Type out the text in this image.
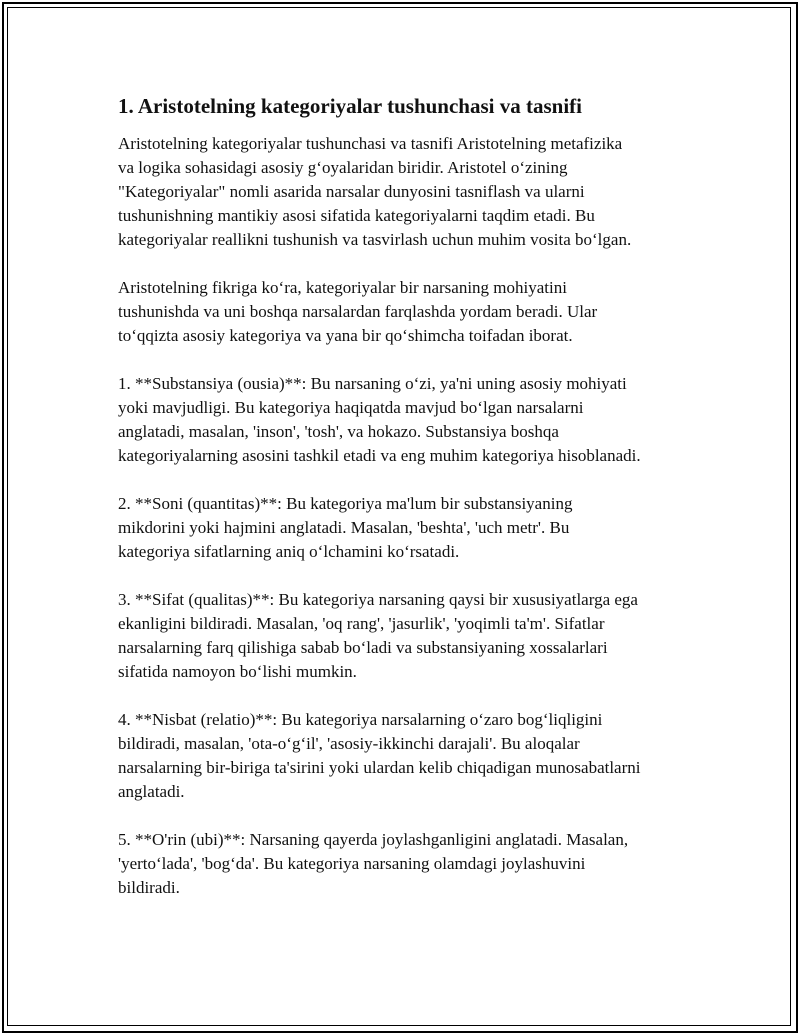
1. Aristotelning kategoriyalar tushunchasi va tasnifi

Aristotelning kategoriyalar tushunchasi va tasnifi Aristotelning metafizika
va logika sohasidagi asosiy g‘oyalaridan biridir. Aristotel o‘zining
"Kategoriyalar" nomli asarida narsalar dunyosini tasniflash va ularni
tushunishning mantikiy asosi sifatida kategoriyalarni taqdim etadi. Bu
kategoriyalar reallikni tushunish va tasvirlash uchun muhim vosita bo‘lgan.

Aristotelning fikriga ko‘ra, kategoriyalar bir narsaning mohiyatini
tushunishda va uni boshqa narsalardan farqlashda yordam beradi. Ular
to‘qqizta asosiy kategoriya va yana bir qo‘shimcha toifadan iborat.

1. **Substansiya (ousia)**: Bu narsaning o‘zi, ya'ni uning asosiy mohiyati
yoki mavjudligi. Bu kategoriya haqiqatda mavjud bo‘lgan narsalarni
anglatadi, masalan, 'inson', 'tosh', va hokazo. Substansiya boshqa
kategoriyalarning asosini tashkil etadi va eng muhim kategoriya hisoblanadi.

2. **Soni (quantitas)**: Bu kategoriya ma'lum bir substansiyaning
mikdorini yoki hajmini anglatadi. Masalan, 'beshta', 'uch metr'. Bu
kategoriya sifatlarning aniq o‘lchamini ko‘rsatadi.

3. **Sifat (qualitas)**: Bu kategoriya narsaning qaysi bir xususiyatlarga ega
ekanligini bildiradi. Masalan, 'oq rang', 'jasurlik', 'yoqimli ta'm'. Sifatlar
narsalarning farq qilishiga sabab bo‘ladi va substansiyaning xossalarlari
sifatida namoyon bo‘lishi mumkin.

4. **Nisbat (relatio)**: Bu kategoriya narsalarning o‘zaro bog‘liqligini
bildiradi, masalan, 'ota-o‘g‘il', 'asosiy-ikkinchi darajali'. Bu aloqalar
narsalarning bir-biriga ta'sirini yoki ulardan kelib chiqadigan munosabatlarni
anglatadi.

5. **O'rin (ubi)**: Narsaning qayerda joylashganligini anglatadi. Masalan,
'yerto‘lada', 'bog‘da'. Bu kategoriya narsaning olamdagi joylashuvini
bildiradi.
